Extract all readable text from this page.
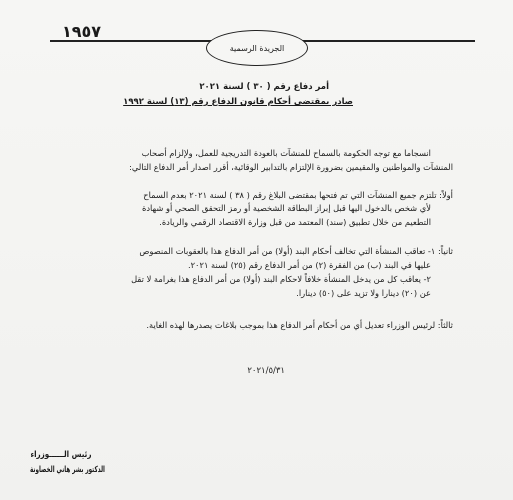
١٩٥٧
الجريدة الرسمية
أمر دفاع رقم ( ٣٠ ) لسنة ٢٠٢١
صادر بمقتضى أحكام قانون الدفاع رقم (١٣) لسنة ١٩٩٢
انسجاما مع توجه الحكومة بالسماح للمنشآت بالعودة التدريجية للعمل، ولإلزام أصحاب
المنشآت والمواطنين والمقيمين بضرورة الإلتزام بالتدابير الوقائية، أقرر اصدار أمر الدفاع التالي:
أولاً: تلتزم جميع المنشآت التي تم فتحها بمقتضى البلاغ رقم ( ٣٨ ) لسنة ٢٠٢١ بعدم السماح
لأي شخص بالدخول اليها قبل إبراز البطاقة الشخصية أو رمز التحقق الصحي أو شهادة
التطعيم من خلال تطبيق (سند) المعتمد من قبل وزارة الاقتصاد الرقمي والريادة.
ثانياً: ١- تعاقب المنشأة التي تخالف أحكام البند (أولا) من أمر الدفاع هذا بالعقوبات المنصوص
عليها في البند (ب) من الفقرة (٢) من أمر الدفاع رقم (٢٥) لسنة ٢٠٢١.
٢- يعاقب كل من يدخل المنشأة خلافاً لاحكام البند (أولا) من أمر الدفاع هذا بغرامة لا تقل
عن (٢٠) دينارا ولا تزيد على (٥٠) دينارا.
ثالثاً: لرئيس الوزراء تعديل أي من أحكام أمر الدفاع هذا بموجب بلاغات يصدرها لهذه الغاية.
٢٠٢١/٥/٣١
رئيس الــــــوزراء
الدكتور بشر هاني الخصاونة
